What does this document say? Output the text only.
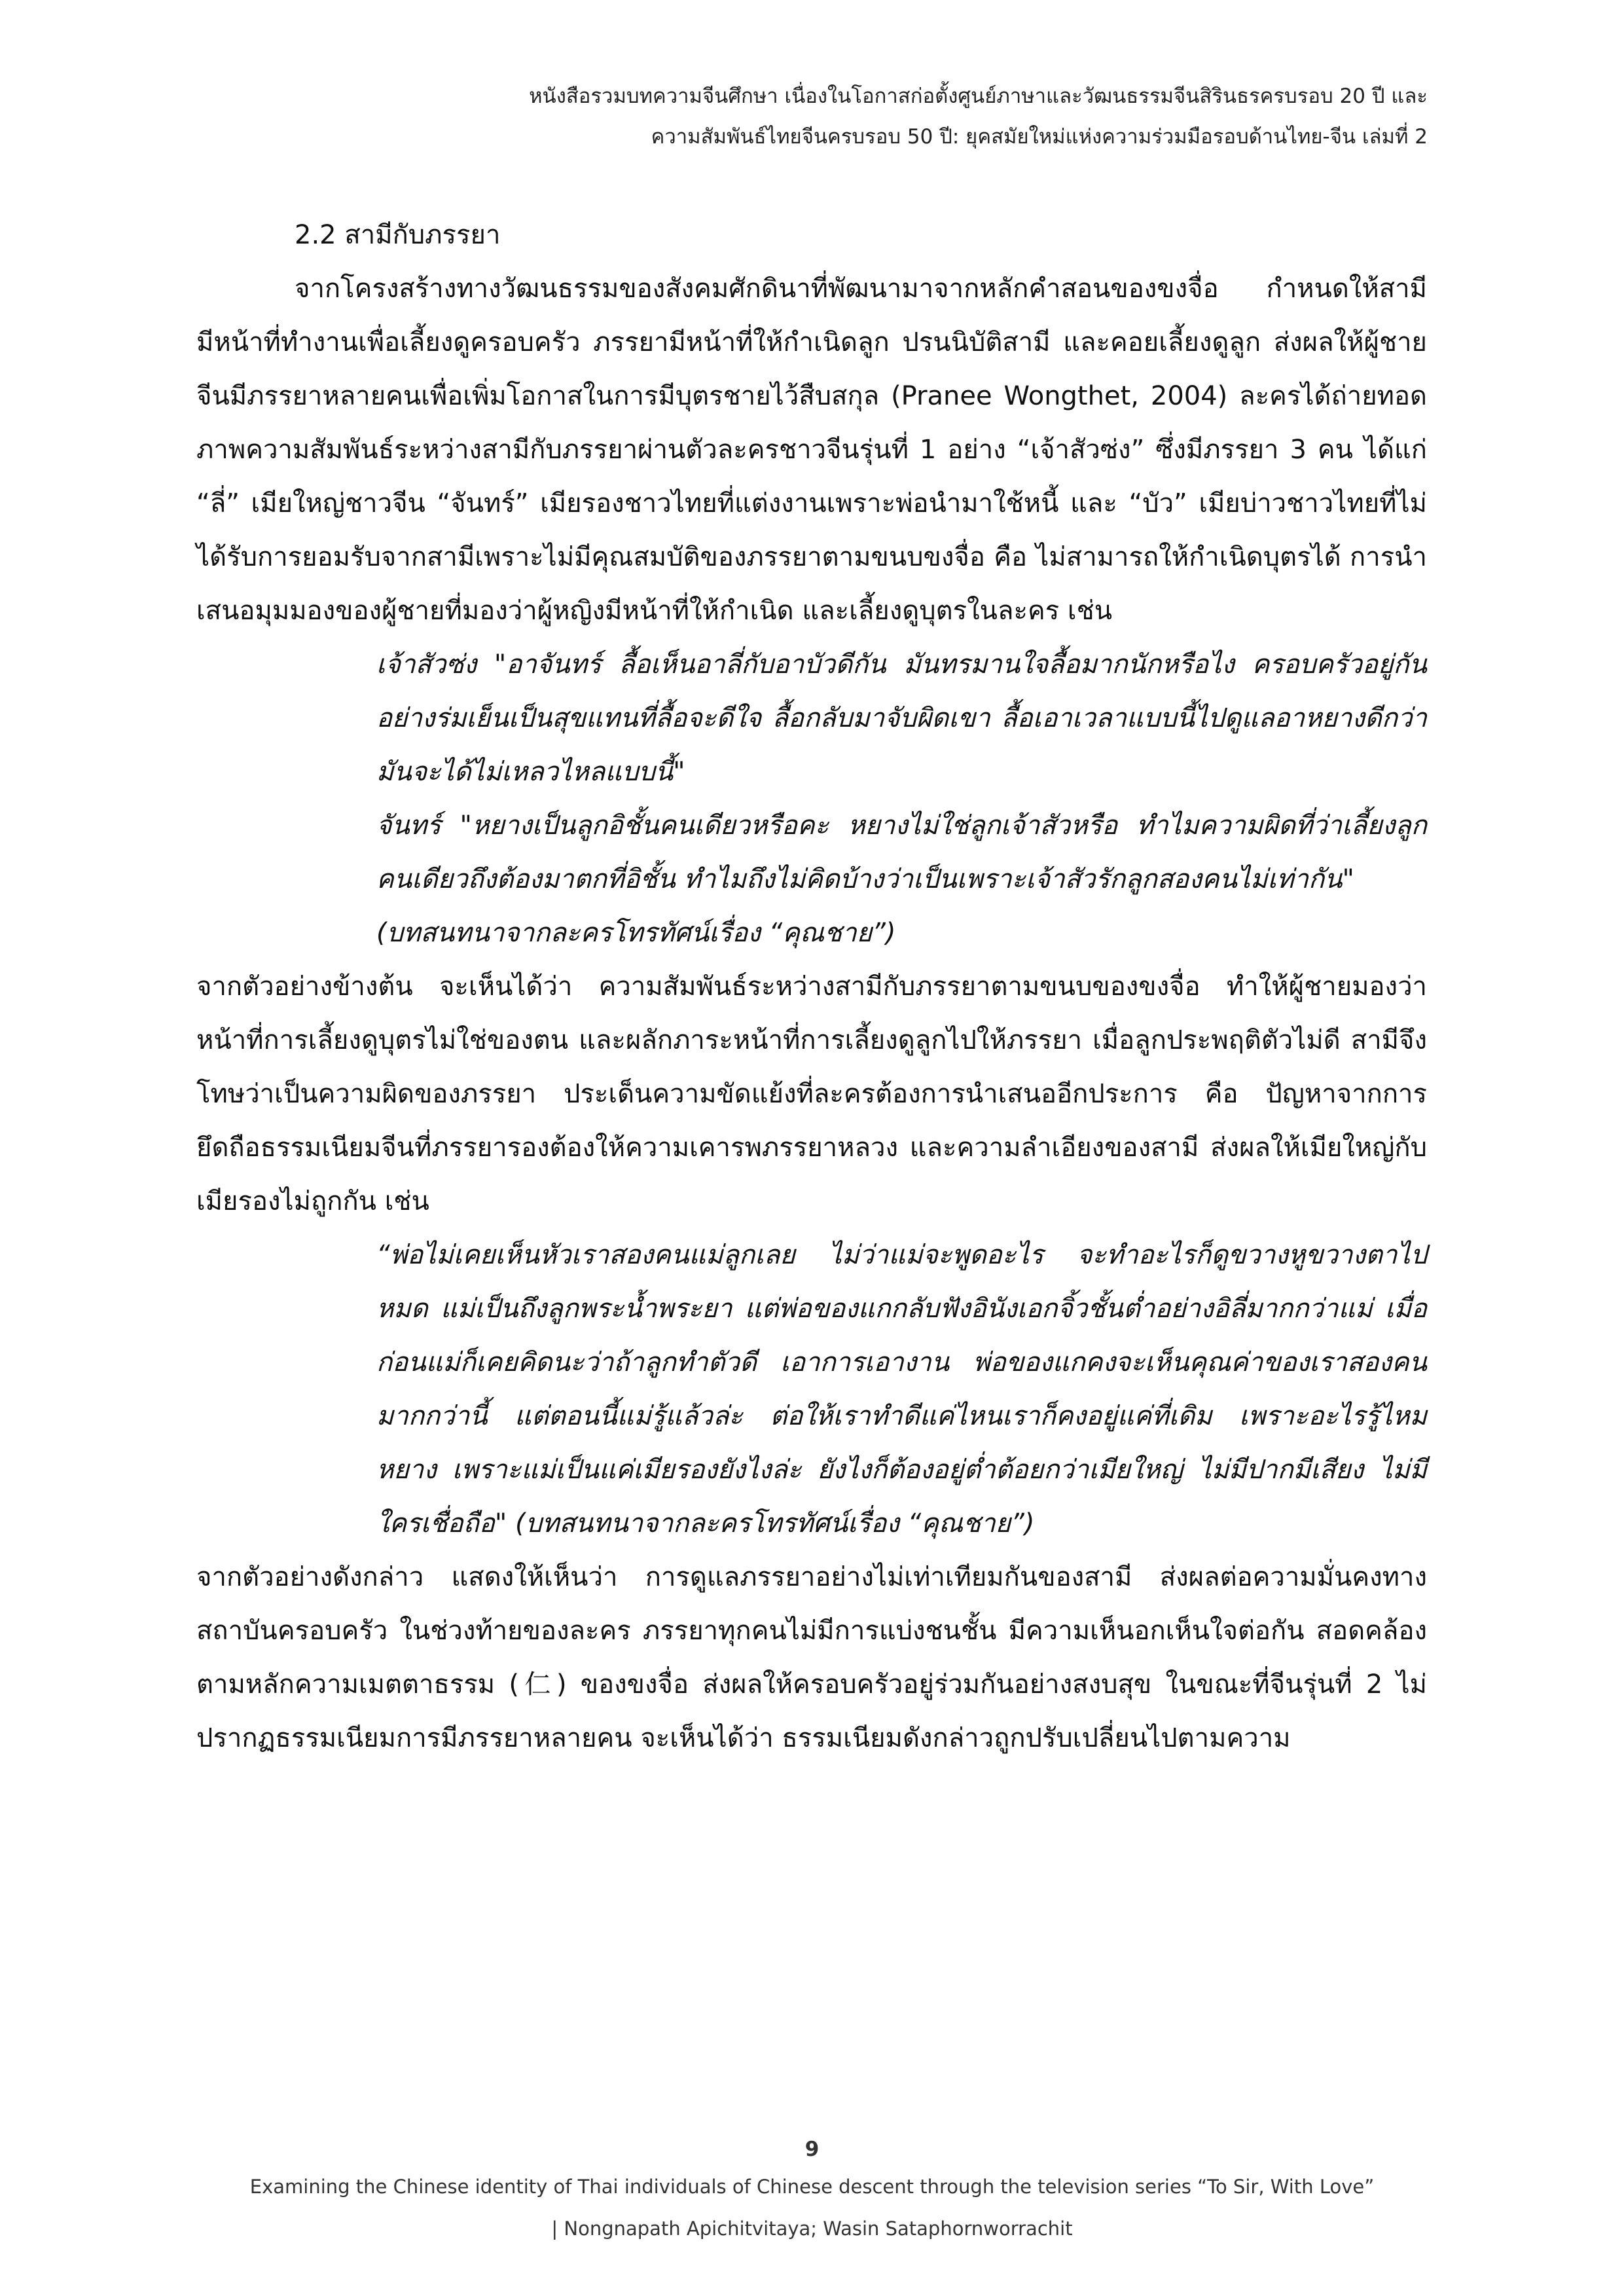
หนังสือรวมบทความจีนศึกษา เนื่องในโอกาสก่อตั้งศูนย์ภาษาและวัฒนธรรมจีนสิรินธรครบรอบ 20 ปี และ
ความสัมพันธ์ไทยจีนครบรอบ 50 ปี: ยุคสมัยใหม่แห่งความร่วมมือรอบด้านไทย-จีน เล่มที่ 2

2.2 สามีกับภรรยา

จากโครงสร้างทางวัฒนธรรมของสังคมศักดินาที่พัฒนามาจากหลักคำสอนของขงจื่อ กำหนดให้สามีมีหน้าที่ทำงานเพื่อเลี้ยงดูครอบครัว ภรรยามีหน้าที่ให้กำเนิดลูก ปรนนิบัติสามี และคอยเลี้ยงดูลูก ส่งผลให้ผู้ชายจีนมีภรรยาหลายคนเพื่อเพิ่มโอกาสในการมีบุตรชายไว้สืบสกุล (Pranee Wongthet, 2004) ละครได้ถ่ายทอดภาพความสัมพันธ์ระหว่างสามีกับภรรยาผ่านตัวละครชาวจีนรุ่นที่ 1 อย่าง “เจ้าสัวซ่ง” ซึ่งมีภรรยา 3 คน ได้แก่ “ลี่” เมียใหญ่ชาวจีน “จันทร์” เมียรองชาวไทยที่แต่งงานเพราะพ่อนำมาใช้หนี้ และ “บัว” เมียบ่าวชาวไทยที่ไม่ได้รับการยอมรับจากสามีเพราะไม่มีคุณสมบัติของภรรยาตามขนบขงจื่อ คือ ไม่สามารถให้กำเนิดบุตรได้ การนำเสนอมุมมองของผู้ชายที่มองว่าผู้หญิงมีหน้าที่ให้กำเนิด และเลี้ยงดูบุตรในละคร เช่น

เจ้าสัวซ่ง "อาจันทร์ ลื้อเห็นอาลี่กับอาบัวดีกัน มันทรมานใจลื้อมากนักหรือไง ครอบครัวอยู่กันอย่างร่มเย็นเป็นสุขแทนที่ลื้อจะดีใจ ลื้อกลับมาจับผิดเขา ลื้อเอาเวลาแบบนี้ไปดูแลอาหยางดีกว่า มันจะได้ไม่เหลวไหลแบบนี้"

จันทร์ "หยางเป็นลูกอิชั้นคนเดียวหรือคะ หยางไม่ใช่ลูกเจ้าสัวหรือ ทำไมความผิดที่ว่าเลี้ยงลูกคนเดียวถึงต้องมาตกที่อิชั้น ทำไมถึงไม่คิดบ้างว่าเป็นเพราะเจ้าสัวรักลูกสองคนไม่เท่ากัน"

(บทสนทนาจากละครโทรทัศน์เรื่อง “คุณชาย”)

จากตัวอย่างข้างต้น จะเห็นได้ว่า ความสัมพันธ์ระหว่างสามีกับภรรยาตามขนบของขงจื่อ ทำให้ผู้ชายมองว่าหน้าที่การเลี้ยงดูบุตรไม่ใช่ของตน และผลักภาระหน้าที่การเลี้ยงดูลูกไปให้ภรรยา เมื่อลูกประพฤติตัวไม่ดี สามีจึงโทษว่าเป็นความผิดของภรรยา ประเด็นความขัดแย้งที่ละครต้องการนำเสนออีกประการ คือ ปัญหาจากการยึดถือธรรมเนียมจีนที่ภรรยารองต้องให้ความเคารพภรรยาหลวง และความลำเอียงของสามี ส่งผลให้เมียใหญ่กับเมียรองไม่ถูกกัน เช่น

“พ่อไม่เคยเห็นหัวเราสองคนแม่ลูกเลย ไม่ว่าแม่จะพูดอะไร จะทำอะไรก็ดูขวางหูขวางตาไปหมด แม่เป็นถึงลูกพระน้ำพระยา แต่พ่อของแกกลับฟังอินังเอกจิ้วชั้นต่ำอย่างอิลี่มากกว่าแม่ เมื่อก่อนแม่ก็เคยคิดนะว่าถ้าลูกทำตัวดี เอาการเอางาน พ่อของแกคงจะเห็นคุณค่าของเราสองคนมากกว่านี้ แต่ตอนนี้แม่รู้แล้วล่ะ ต่อให้เราทำดีแค่ไหนเราก็คงอยู่แค่ที่เดิม เพราะอะไรรู้ไหมหยาง เพราะแม่เป็นแค่เมียรองยังไงล่ะ ยังไงก็ต้องอยู่ต่ำต้อยกว่าเมียใหญ่ ไม่มีปากมีเสียง ไม่มีใครเชื่อถือ" (บทสนทนาจากละครโทรทัศน์เรื่อง “คุณชาย”)

จากตัวอย่างดังกล่าว แสดงให้เห็นว่า การดูแลภรรยาอย่างไม่เท่าเทียมกันของสามี ส่งผลต่อความมั่นคงทางสถาบันครอบครัว ในช่วงท้ายของละคร ภรรยาทุกคนไม่มีการแบ่งชนชั้น มีความเห็นอกเห็นใจต่อกัน สอดคล้องตามหลักความเมตตาธรรม (仁) ของขงจื่อ ส่งผลให้ครอบครัวอยู่ร่วมกันอย่างสงบสุข ในขณะที่จีนรุ่นที่ 2 ไม่ปรากฏธรรมเนียมการมีภรรยาหลายคน จะเห็นได้ว่า ธรรมเนียมดังกล่าวถูกปรับเปลี่ยนไปตามความ

9
Examining the Chinese identity of Thai individuals of Chinese descent through the television series “To Sir, With Love”
| Nongnapath Apichitvitaya; Wasin Sataphornworrachit
